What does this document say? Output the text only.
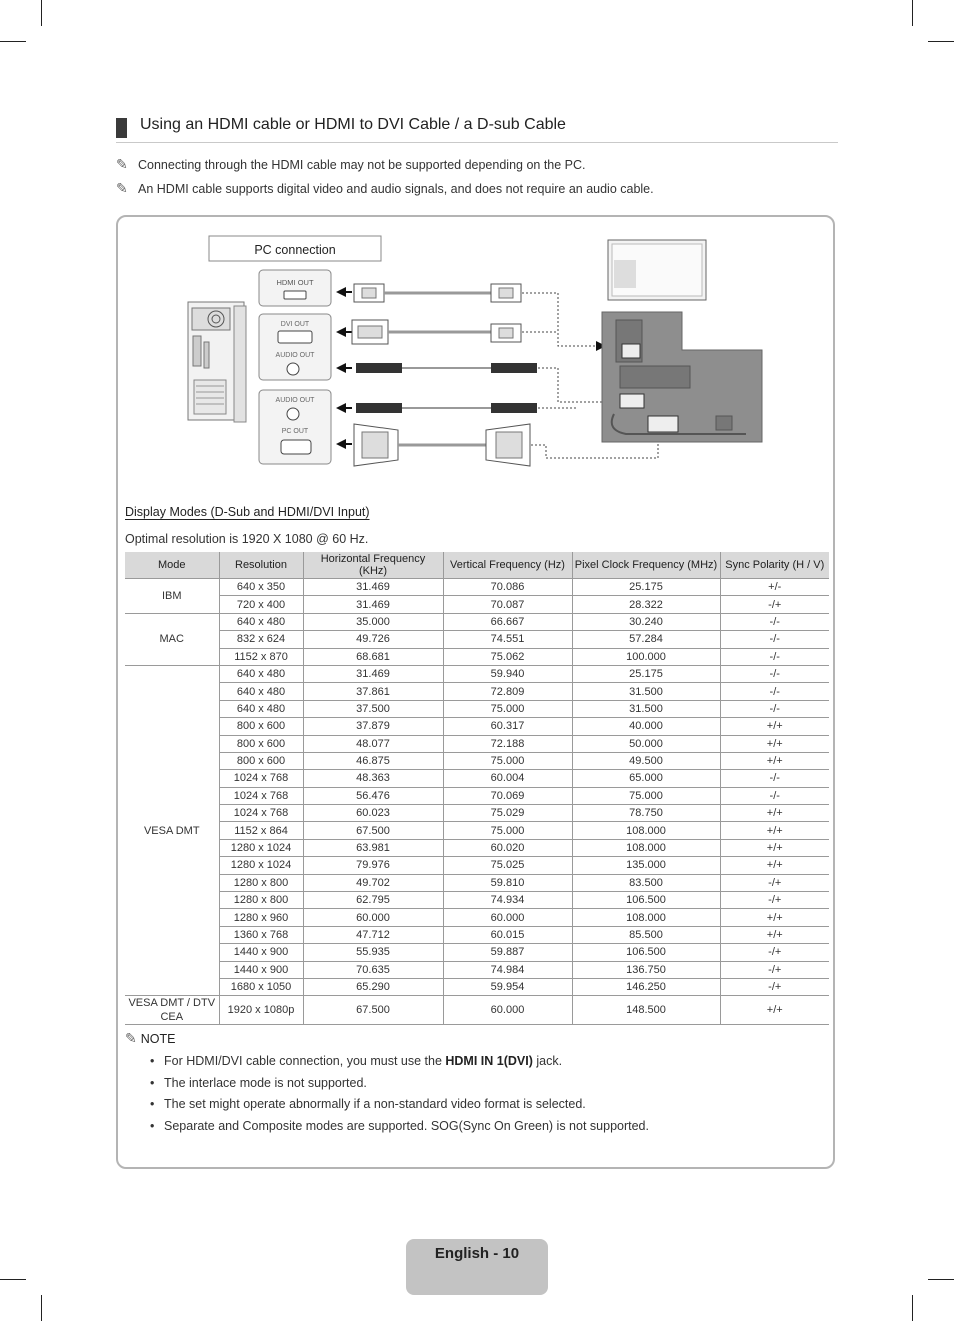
Using an HDMI cable or HDMI to DVI Cable / a D-sub Cable
✎ Connecting through the HDMI cable may not be supported depending on the PC.
✎ An HDMI cable supports digital video and audio signals, and does not require an audio cable.
PC connection
HDMI OUT
DVI OUT
AUDIO OUT
AUDIO OUT
PC OUT
Display Modes (D-Sub and HDMI/DVI Input)
Optimal resolution is 1920 X 1080 @ 60 Hz.
Mode	Resolution	Horizontal Frequency (KHz)	Vertical Frequency (Hz)	Pixel Clock Frequency (MHz)	Sync Polarity (H / V)
IBM	640 x 350	31.469	70.086	25.175	+/-
	720 x 400	31.469	70.087	28.322	-/+
MAC	640 x 480	35.000	66.667	30.240	-/-
	832 x 624	49.726	74.551	57.284	-/-
	1152 x 870	68.681	75.062	100.000	-/-
VESA DMT	640 x 480	31.469	59.940	25.175	-/-
	640 x 480	37.861	72.809	31.500	-/-
	640 x 480	37.500	75.000	31.500	-/-
	800 x 600	37.879	60.317	40.000	+/+
	800 x 600	48.077	72.188	50.000	+/+
	800 x 600	46.875	75.000	49.500	+/+
	1024 x 768	48.363	60.004	65.000	-/-
	1024 x 768	56.476	70.069	75.000	-/-
	1024 x 768	60.023	75.029	78.750	+/+
	1152 x 864	67.500	75.000	108.000	+/+
	1280 x 1024	63.981	60.020	108.000	+/+
	1280 x 1024	79.976	75.025	135.000	+/+
	1280 x 800	49.702	59.810	83.500	-/+
	1280 x 800	62.795	74.934	106.500	-/+
	1280 x 960	60.000	60.000	108.000	+/+
	1360 x 768	47.712	60.015	85.500	+/+
	1440 x 900	55.935	59.887	106.500	-/+
	1440 x 900	70.635	74.984	136.750	-/+
	1680 x 1050	65.290	59.954	146.250	-/+
VESA DMT / DTV CEA	1920 x 1080p	67.500	60.000	148.500	+/+
✎ NOTE
• For HDMI/DVI cable connection, you must use the HDMI IN 1(DVI) jack.
• The interlace mode is not supported.
• The set might operate abnormally if a non-standard video format is selected.
• Separate and Composite modes are supported. SOG(Sync On Green) is not supported.
English - 10
